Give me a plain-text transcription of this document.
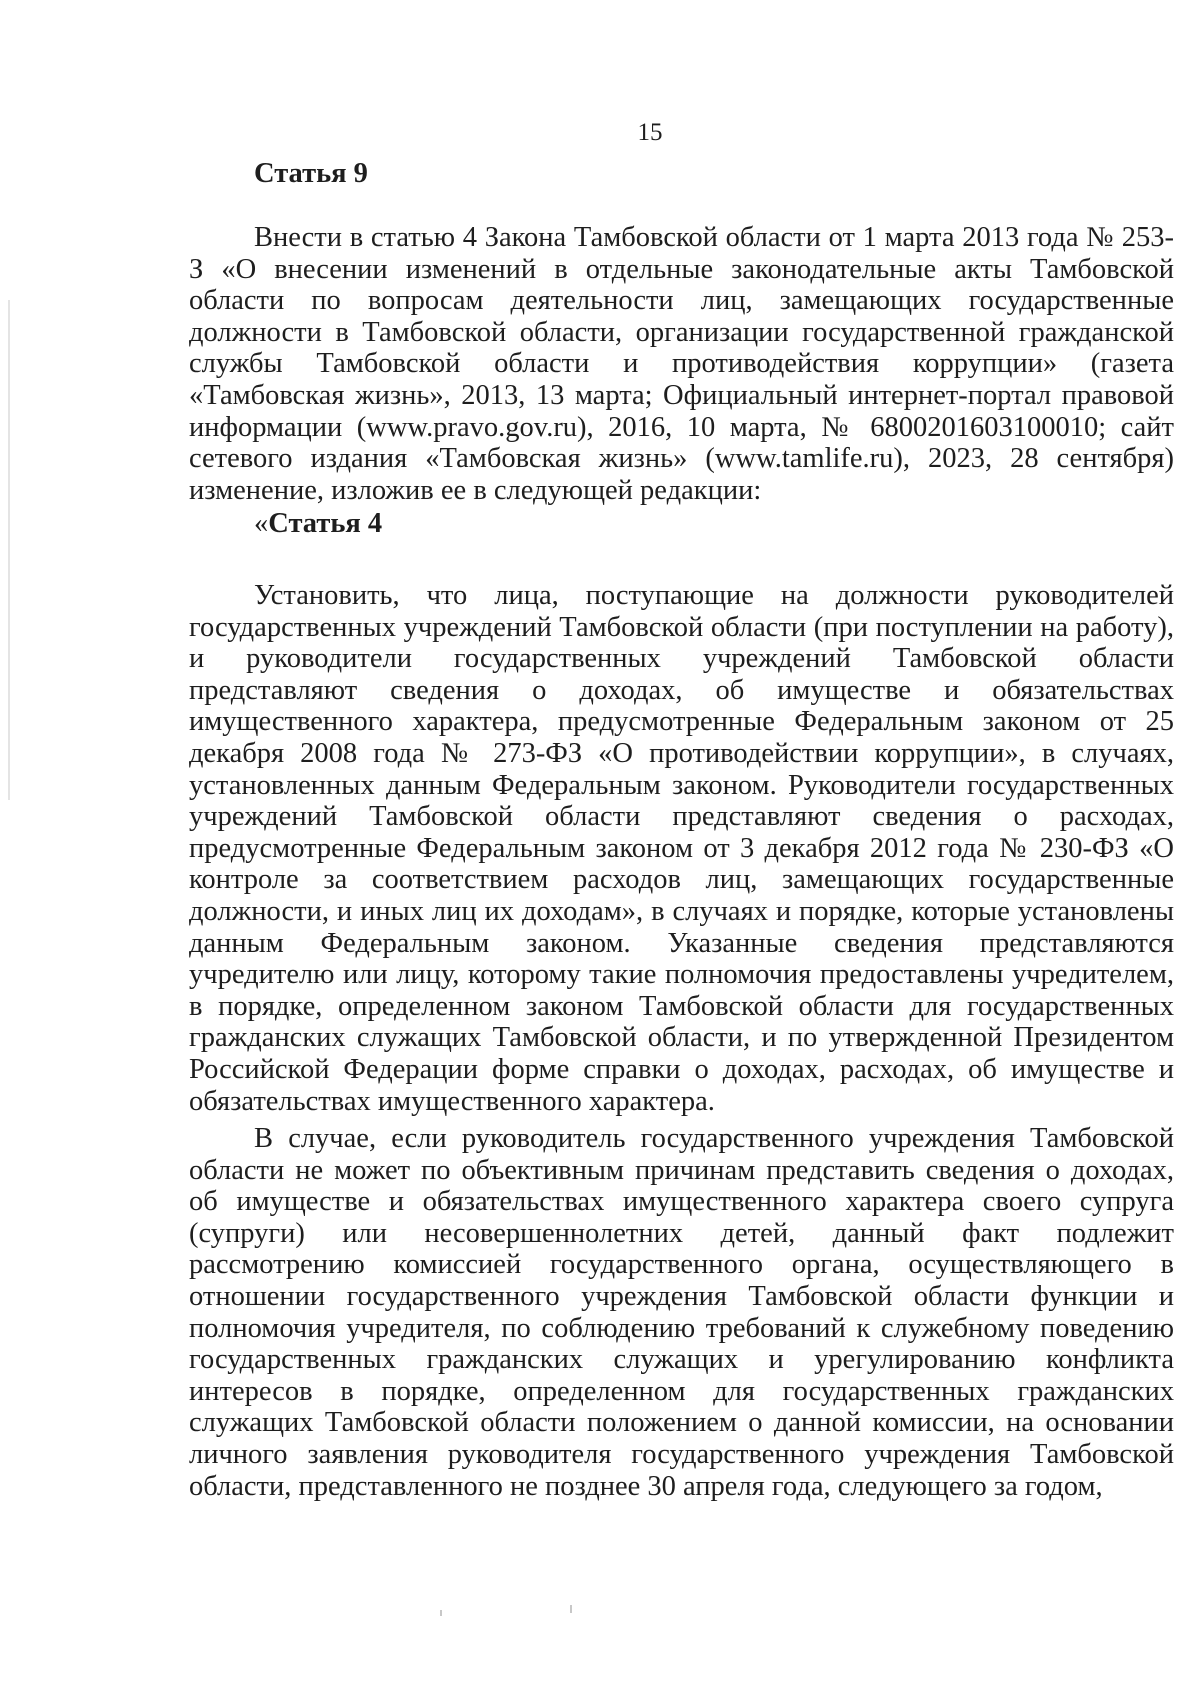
15

Статья 9

Внести в статью 4 Закона Тамбовской области от 1 марта 2013 года № 253-З «О внесении изменений в отдельные законодательные акты Тамбовской области по вопросам деятельности лиц, замещающих государственные должности в Тамбовской области, организации государственной гражданской службы Тамбовской области и противодействия коррупции» (газета «Тамбовская жизнь», 2013, 13 марта; Официальный интернет-портал правовой информации (www.pravo.gov.ru), 2016, 10 марта, № 6800201603100010; сайт сетевого издания «Тамбовская жизнь» (www.tamlife.ru), 2023, 28 сентября) изменение, изложив ее в следующей редакции:

«Статья 4

Установить, что лица, поступающие на должности руководителей государственных учреждений Тамбовской области (при поступлении на работу), и руководители государственных учреждений Тамбовской области представляют сведения о доходах, об имуществе и обязательствах имущественного характера, предусмотренные Федеральным законом от 25 декабря 2008 года № 273-ФЗ «О противодействии коррупции», в случаях, установленных данным Федеральным законом. Руководители государственных учреждений Тамбовской области представляют сведения о расходах, предусмотренные Федеральным законом от 3 декабря 2012 года № 230-ФЗ «О контроле за соответствием расходов лиц, замещающих государственные должности, и иных лиц их доходам», в случаях и порядке, которые установлены данным Федеральным законом. Указанные сведения представляются учредителю или лицу, которому такие полномочия предоставлены учредителем, в порядке, определенном законом Тамбовской области для государственных гражданских служащих Тамбовской области, и по утвержденной Президентом Российской Федерации форме справки о доходах, расходах, об имуществе и обязательствах имущественного характера.

В случае, если руководитель государственного учреждения Тамбовской области не может по объективным причинам представить сведения о доходах, об имуществе и обязательствах имущественного характера своего супруга (супруги) или несовершеннолетних детей, данный факт подлежит рассмотрению комиссией государственного органа, осуществляющего в отношении государственного учреждения Тамбовской области функции и полномочия учредителя, по соблюдению требований к служебному поведению государственных гражданских служащих и урегулированию конфликта интересов в порядке, определенном для государственных гражданских служащих Тамбовской области положением о данной комиссии, на основании личного заявления руководителя государственного учреждения Тамбовской области, представленного не позднее 30 апреля года, следующего за годом,
